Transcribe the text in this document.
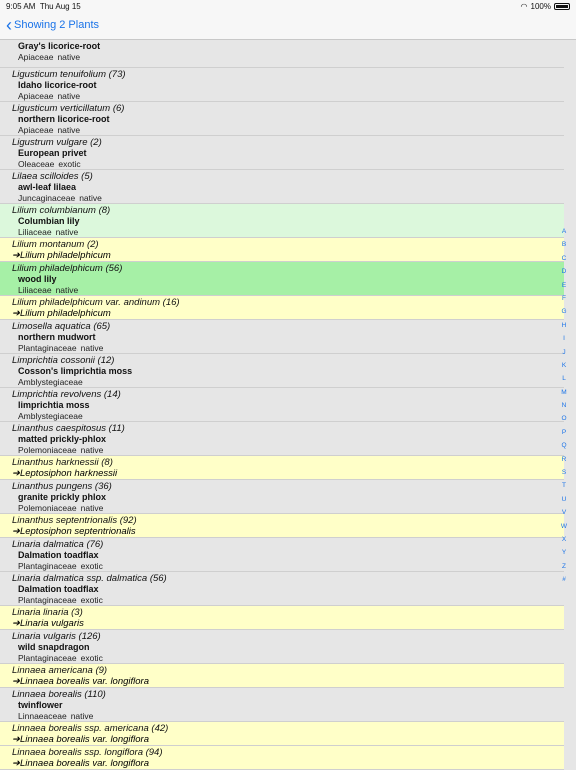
9:05 AM Thu Aug 15	◠ 100%
‹ Showing 2 Plants
Gray's licorice-root
Apiaceae native
Ligusticum tenuifolium (73)
Idaho licorice-root
Apiaceae native
Ligusticum verticillatum (6)
northern licorice-root
Apiaceae native
Ligustrum vulgare (2)
European privet
Oleaceae exotic
Lilaea scilloides (5)
awl-leaf lilaea
Juncaginaceae native
Lilium columbianum (8)
Columbian lily
Liliaceae native
Lilium montanum (2)
➔Lilium philadelphicum
Lilium philadelphicum (56)
wood lily
Liliaceae native
Lilium philadelphicum var. andinum (16)
➔Lilium philadelphicum
Limosella aquatica (65)
northern mudwort
Plantaginaceae native
Limprichtia cossonii (12)
Cosson's limprichtia moss
Amblystegiaceae
Limprichtia revolvens (14)
limprichtia moss
Amblystegiaceae
Linanthus caespitosus (11)
matted prickly-phlox
Polemoniaceae native
Linanthus harknessii (8)
➔Leptosiphon harknessii
Linanthus pungens (36)
granite prickly phlox
Polemoniaceae native
Linanthus septentrionalis (92)
➔Leptosiphon septentrionalis
Linaria dalmatica (76)
Dalmation toadflax
Plantaginaceae exotic
Linaria dalmatica ssp. dalmatica (56)
Dalmation toadflax
Plantaginaceae exotic
Linaria linaria (3)
➔Linaria vulgaris
Linaria vulgaris (126)
wild snapdragon
Plantaginaceae exotic
Linnaea americana (9)
➔Linnaea borealis var. longiflora
Linnaea borealis (110)
twinflower
Linnaeaceae native
Linnaea borealis ssp. americana (42)
➔Linnaea borealis var. longiflora
Linnaea borealis ssp. longiflora (94)
➔Linnaea borealis var. longiflora
A
B
C
D
E
F
G
H
I
J
K
L
M
N
O
P
Q
R
S
T
U
V
W
X
Y
Z
#
